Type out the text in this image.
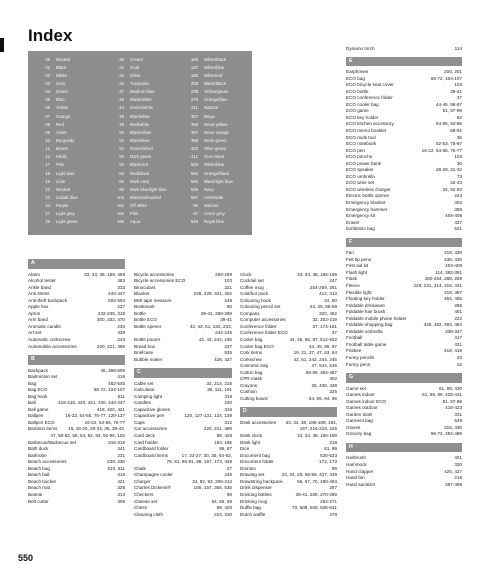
Index
05 Neutral
01 Black
02 White
03 Grey
04 Green
05 Blue
06 Yellow
07 Orange
08 Red
09 Violet
10 Burgundy
11 Brown
12 Khaki
17 Pink
18 Light blue
19 Lime
21 Neutral
23 Cobalt blue
24 Purple
27 Light grey
29 Light green
30 Cream
31 Gold
32 Silver
33 Turquoise
37 Medium blue
40 Black/white
44 Green/white
45 Blue/white
46 Red/white
50 Black/silver
52 Blue/silver
54 Green/silver
60 Dark green
63 Black/red
63 Red/black
65 Dark navy
90 Dark blue/light blue
103 Black/yellow/red
152 Off white
155 Pink
196 Aqua
169 White/black
187 White/blue
188 White/red
208 Black/black
239 Yellow/green
276 Orange/blue
311 Natural
357 Beige
365 Neon yellow
367 Neon orange
368 Neon green
402 Olive green
411 Gun metal
506 White/blue
581 Orange/black
660 Black/light blue
536 Navy
587 Anthracite
96 Maroon
87 Azure grey
948 Royal blue
Dynamo torch	114
E
Earphones	200, 201
ECO bag	66-72, 104-107
ECO bicycle seat cover	103
ECO bottle	39-41
ECO conference folder	37
ECO cooler bag	44-45, 96-97
ECO game	61, 97-99
ECO key holder	62
ECO kitchen accessory	64-65, 94-96
ECO memo booklet	88-91
ECO multi tool	36
ECO notebook	52-53, 78-87
ECO pen	16-22, 54-55, 76-77
ECO poncho	103
ECO power bank	30
ECO speaker	28-29, 31-32
ECO umbrella	73
ECO wine set	42-43
ECO wireless charger	34, 92-93
Electric bottle opener	243
Emergency blanket	402
Emergency hammer	389
Emergency kit	404-409
Eraser	437
Exhibition bag	531
F
Fan	218, 328
Felt tip pens	438, 439
First aid kit	404-409
Flash light	114, 382-391
Flask	260-264, 288, 289
Fleece	229, 231, 314, 315, 331
Flexible light	218, 387
Floating key holder	454, 455
Foldable drinkware	286
Foldable hair brush	401
Foldable mobile phone holder	222
Foldable shopping bag	345, 482, 483, 484
Foldable umbrella	338-347
Football	417
Football table game	431
Frisbee	418, 419
Funny pencils	23
Funny pens	22
G
Game set	61, 99, 420
Games indoor	61, 98, 99, 428-431
Games indoor ECO	61, 97-99
Games outdoor	418-423
Garden tools	331
Garment bag	549
Gloves	315, 330
Grocery bag	66-72, 482-489
H
Hairbrush	401
Hammock	330
Hand clapper	425, 427
Hand fan	218
Hand sanitizer	397-399
A
Alarm	33, 34, 38, 189, 458
Alcohol tester	463
Ankle band	333
Anti stress	444-447
Anti-theft backpack	502-504
Apple box	237
Apron	232-235, 318
Arm band	300, 332, 470
Aromatic candle	230
Art set	439
Automatic corkscrew	243
Automobile accessories	220, 221, 389
B
Backpack	45, 496-509
Badminton set	419
Bag	482-545
Bag ECO	66-72, 104-107
Bag hook	511
Ball	416-418, 420, 421, 430, 444-447
Ball game	418, 420, 421
Ballpen	16-22, 54-55, 76-77, 120-137
Ballpen ECO	16-22, 54-55, 76-77
Bamboo items	16, 18-20, 28-34, 36, 38-43,
47, 50-52, 55, 64, 82, 83, 92-96, 102
Barbecue/Barbecue set	316-318
Bath duck	441
Bathrobe	231
Beach accessories	239, 230
Beach bag	510, 511
Beach ball	416
Beach bucket	421
Beach mat	329
Beanie	313
Belt cutter	309
Bicycle accessories	294-299
Bicycle accessories ECO	103
Binoculars	321
Blanket	228, 229, 331, 402
BMI tape measure	249
Bookmark	90
Bottle	39-41, 260-289
Bottle ECO	39-41
Bottle opener	42, 43, 51, 232, 233,
242-245
Bottle pourer	42, 43, 244, 245
Bread box	237
Briefcase	535
Bubble maker	426, 427
C
Cable set	32, 214, 215
Calculator	38, 111, 191
Camping light	319
Candles	230
Capacitive gloves	315
Capacitive pen	120, 127-131, 134, 139
Caps	312
Car accessories	220, 221, 389
Card deck	98, 428
Card holder	184, 185
Cardboard folder	86, 87
Cardboard items	17, 23-27, 30, 35, 54-63,
79, 81, 86-91, 98, 167, 173, 439
Chalk	27
Champagne cooler	246
Charger	34, 92, 93, 206-213
Charles Dickens®	156, 157, 356, 535
Checkers	99
Cheese set	64, 65, 96
Chess	99, 420
Cleaning cloth	224, 310
Clock	33, 34, 38, 186-189
Cocktail set	247
Coffee mug	254-259, 261
Cold/hot pack	412, 413
Colouring book	24, 60
Colouring pencil set	24, 25, 56-59
Compass	320, 462
Computer accessories	32, 202-219
Conference folder	37, 174-181
Conference folder ECO	37
Cooler bag	44, 45, 96, 97, 512-522
Cooler bag ECO	44, 45, 96, 97
Cork items	19, 21, 37, 47, 63, 84
Corkscrew	42, 51, 242, 244, 245
Cosmetic bag	47, 544, 545
Cotton bag	66-69, 484-487
CPR mask	402
Crayons	26, 438, 439
Cushion	325
Cutting board	64, 65, 94, 95
D
Desk accessories	33, 34, 38, 186-189, 194,
197, 216-219, 225
Desk clock	33, 34, 38, 186-189
Desk light	218
Dice	61, 99
Document bag	530-533
Document folder	172, 173
Domino	99
Drawing set	22, 24, 25, 56-59, 437, 439
Drawstring backpack	66, 67, 70, 490-494
Drink dispenser	287
Drinking bottles	39-41, 268, 270-289
Drinking mug	254-271
Duffle bag	70, 508, 509, 536-541
Dutch waffle	478
550
